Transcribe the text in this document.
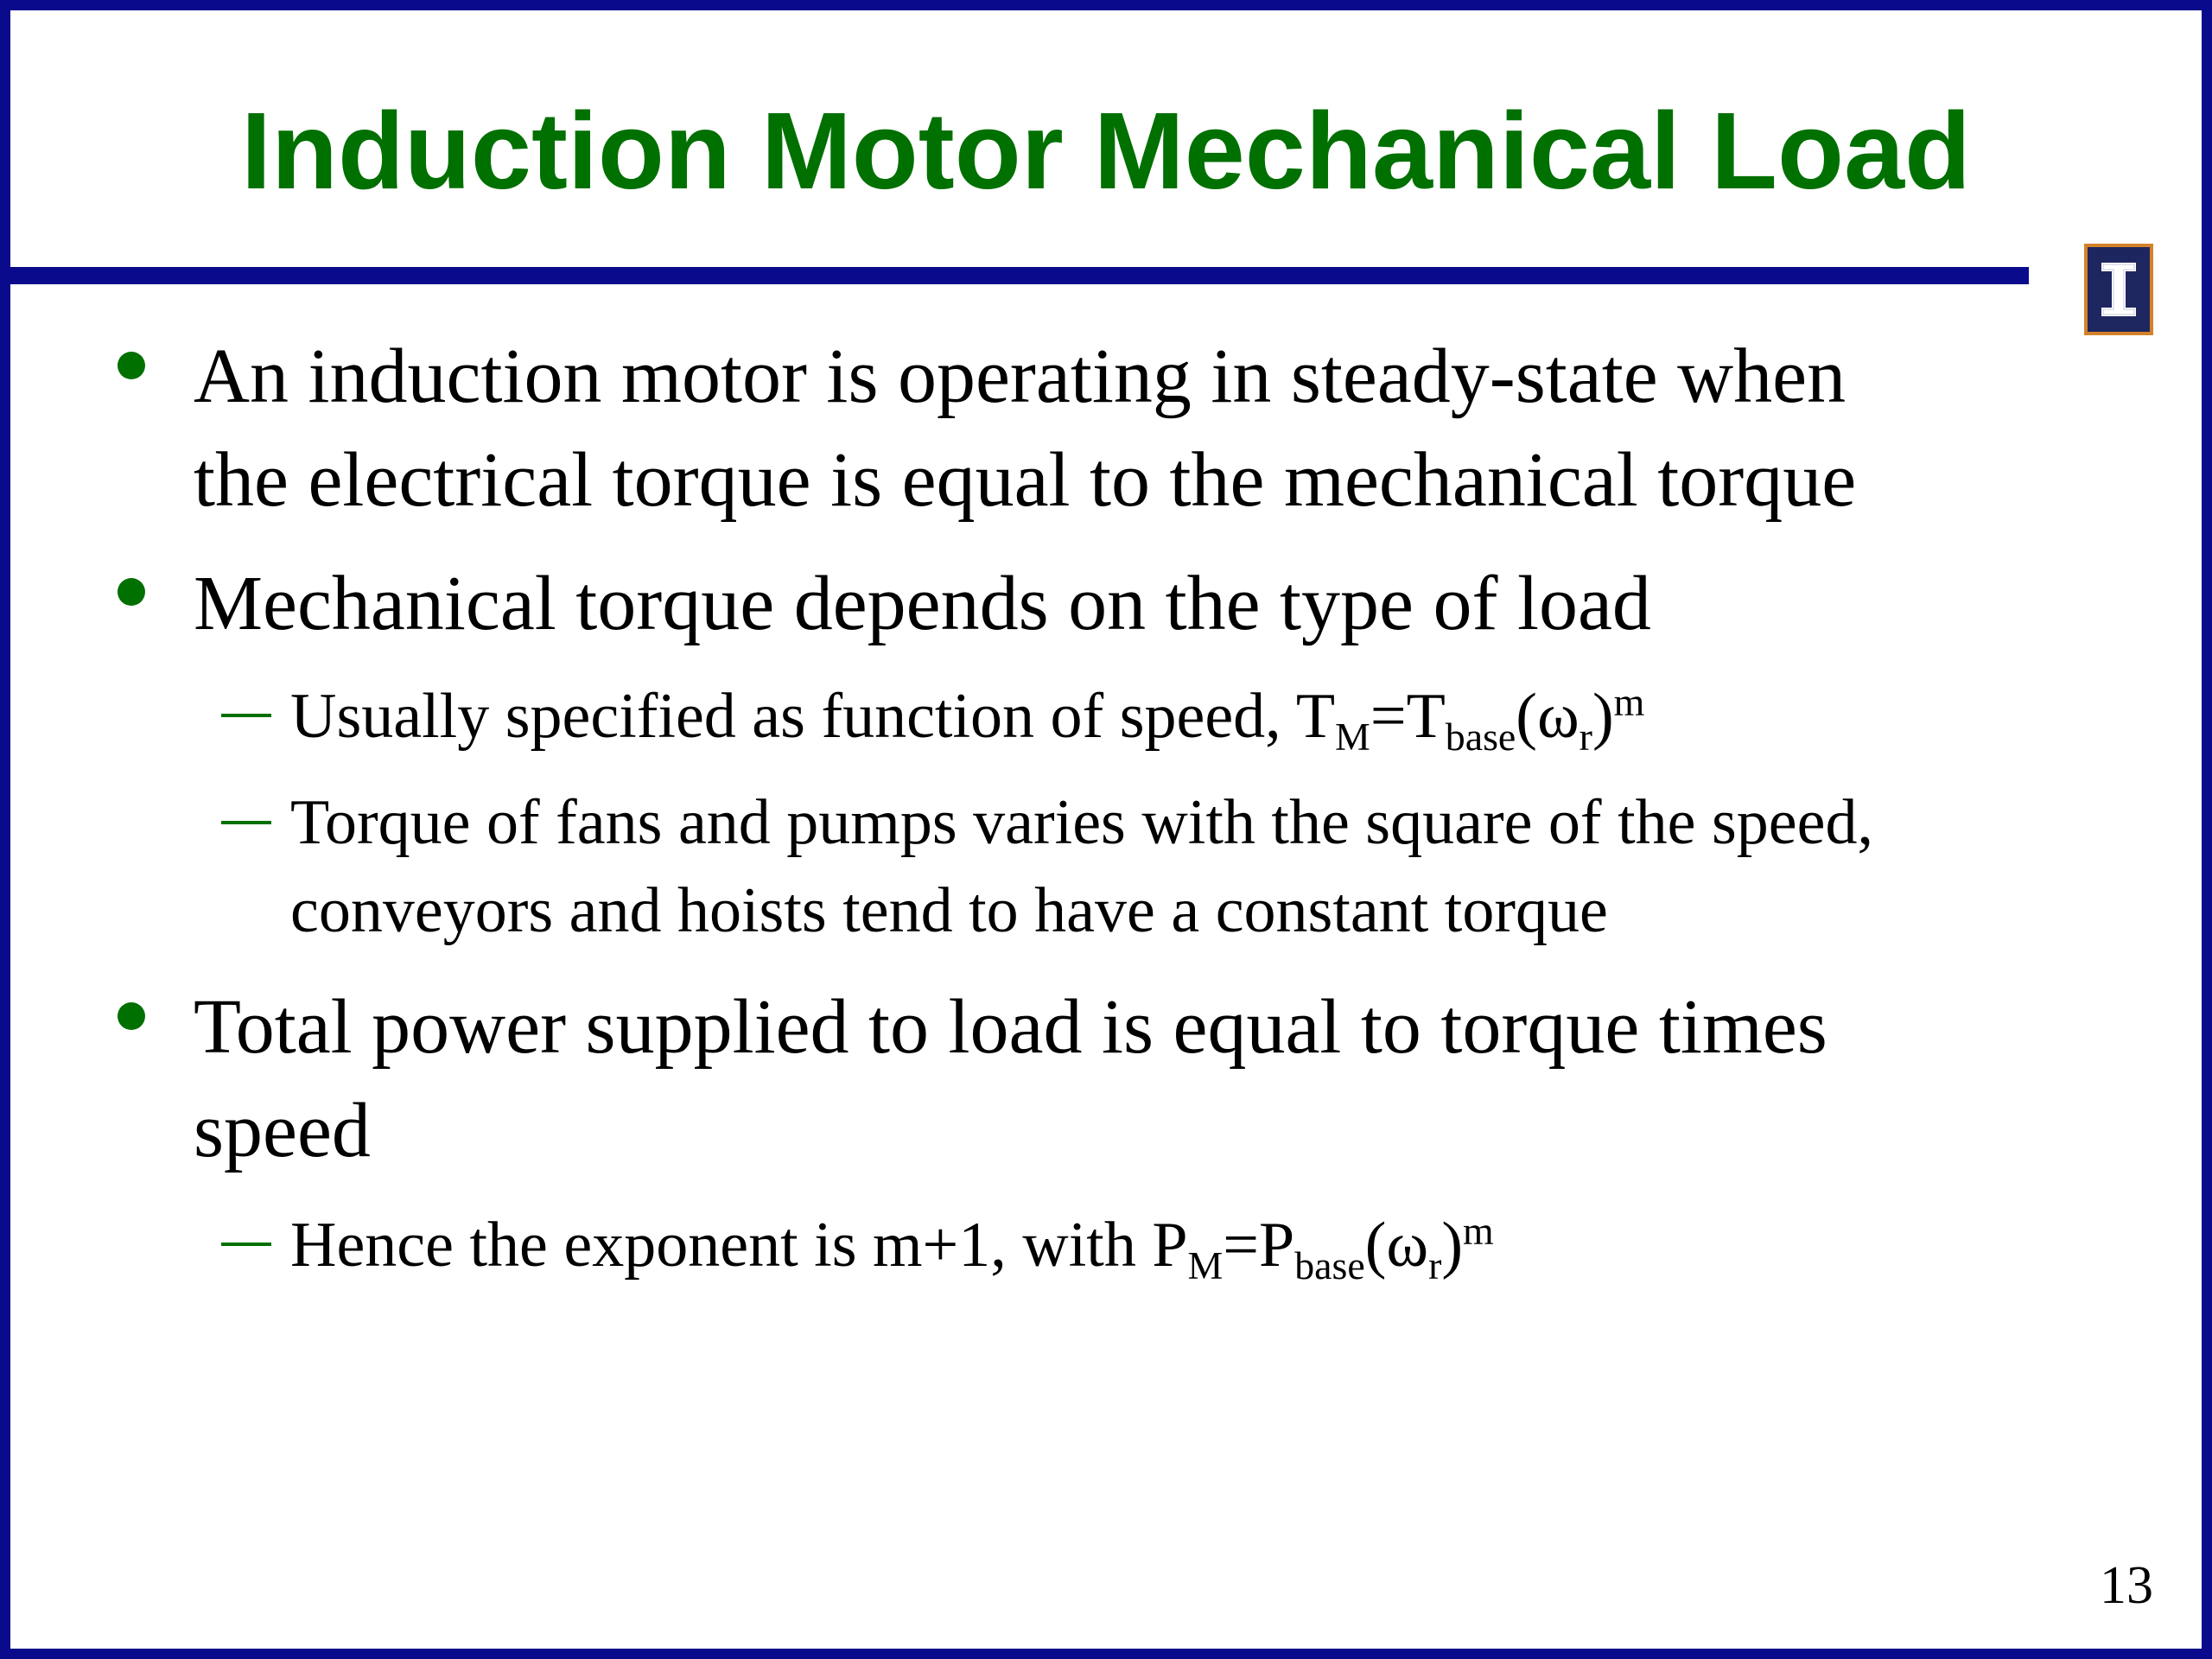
Induction Motor Mechanical Load
An induction motor is operating in steady-state when
the electrical torque is equal to the mechanical torque
Mechanical torque depends on the type of load
Usually specified as function of speed, $T_M=T_{base}(\omega_r)^m$
Torque of fans and pumps varies with the square of the speed,
conveyors and hoists tend to have a constant torque
Total power supplied to load is equal to torque times
speed
Hence the exponent is m+1, with $P_M=P_{base}(\omega_r)^m$
13
